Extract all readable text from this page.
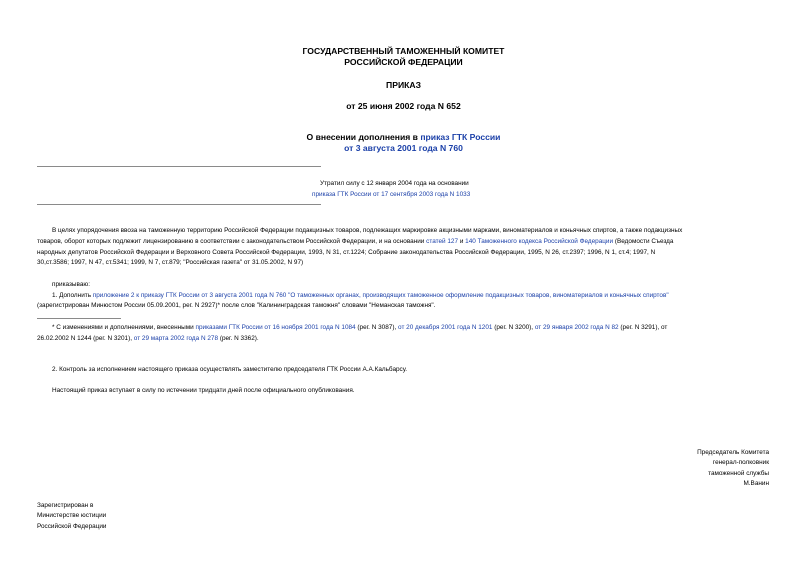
ГОСУДАРСТВЕННЫЙ ТАМОЖЕННЫЙ КОМИТЕТ
РОССИЙСКОЙ ФЕДЕРАЦИИ
ПРИКАЗ
от 25 июня 2002 года N 652
О внесении дополнения в приказ ГТК России
от 3 августа 2001 года N 760
Утратил силу с 12 января 2004 года на основании
приказа ГТК России от 17 сентября 2003 года N 1033
В целях упорядочения ввоза на таможенную территорию Российской Федерации подакцизных товаров, подлежащих маркировке акцизными марками, виноматериалов и коньячных спиртов, а также подакцизных
товаров, оборот которых подлежит лицензированию в соответствии с законодательством Российской Федерации, и на основании статей 127 и 140 Таможенного кодекса Российской Федерации (Ведомости Съезда
народных депутатов Российской Федерации и Верховного Совета Российской Федерации, 1993, N 31, ст.1224; Собрание законодательства Российской Федерации, 1995, N 26, ст.2397; 1996, N 1, ст.4; 1997, N
30,ст.3586; 1997, N 47, ст.5341; 1999, N 7, ст.879; "Российская газета" от 31.05.2002, N 97)
приказываю:
1. Дополнить приложение 2 к приказу ГТК России от 3 августа 2001 года N 760 "О таможенных органах, производящих таможенное оформление подакцизных товаров, виноматериалов и коньячных спиртов"
(зарегистрирован Минюстом России 05.09.2001, рег. N 2927)* после слов "Калининградская таможня" словами "Неманская таможня".
* С изменениями и дополнениями, внесенными приказами ГТК России от 16 ноября 2001 года N 1084 (рег. N 3087), от 20 декабря 2001 года N 1201 (рег. N 3200), от 29 января 2002 года N 82 (рег. N 3291), от
26.02.2002 N 1244 (рег. N 3201), от 29 марта 2002 года N 278 (рег. N 3362).
2. Контроль за исполнением настоящего приказа осуществлять заместителю председателя ГТК России А.А.Кальбарсу.
Настоящий приказ вступает в силу по истечении тридцати дней после официального опубликования.
Председатель Комитета
генерал-полковник
таможенной службы
М.Ванин
Зарегистрирован в
Министерстве юстиции
Российской Федерации
